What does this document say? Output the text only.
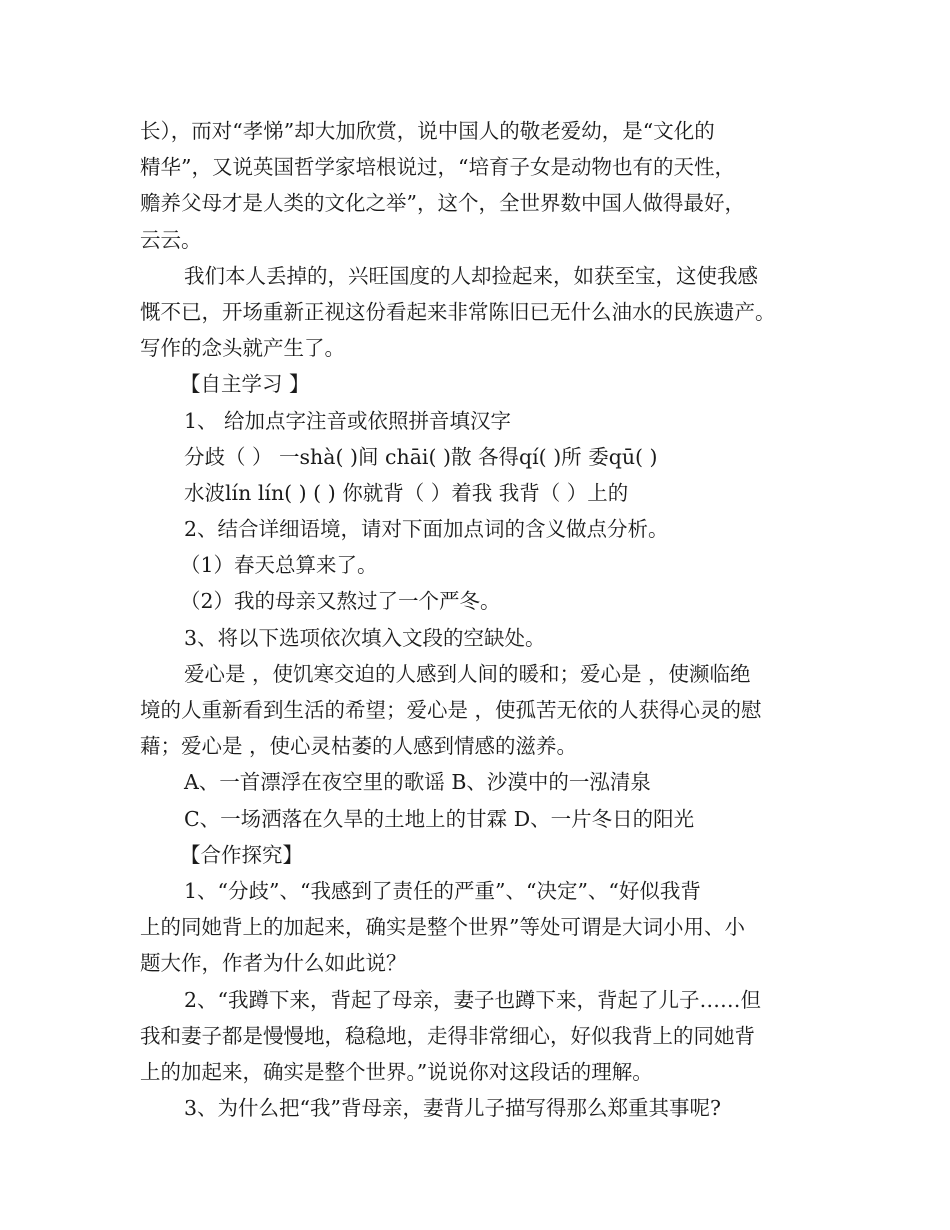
长），而对“孝悌”却大加欣赏，说中国人的敬老爱幼，是“文化的

精华”，又说英国哲学家培根说过，“培育子女是动物也有的天性，

赡养父母才是人类的文化之举”，这个，全世界数中国人做得最好，

云云。

我们本人丢掉的，兴旺国度的人却捡起来，如获至宝，这使我感

慨不已，开场重新正视这份看起来非常陈旧已无什么油水的民族遗产。

写作的念头就产生了。

【自主学习 】

1、 给加点字注音或依照拼音填汉字

分歧（ ） 一shà( )间 chāi( )散 各得qí( )所 委qū( )

水波lín lín( ) ( ) 你就背（ ）着我 我背（ ）上的

2、结合详细语境，请对下面加点词的含义做点分析。

（1）春天总算来了。

（2）我的母亲又熬过了一个严冬。

3、将以下选项依次填入文段的空缺处。

爱心是 ，使饥寒交迫的人感到人间的暖和；爱心是 ，使濒临绝

境的人重新看到生活的希望；爱心是 ，使孤苦无依的人获得心灵的慰

藉；爱心是 ，使心灵枯萎的人感到情感的滋养。

A、一首漂浮在夜空里的歌谣 B、沙漠中的一泓清泉

C、一场洒落在久旱的土地上的甘霖 D、一片冬日的阳光

【合作探究】

1、“分歧”、“我感到了责任的严重”、“决定”、“好似我背

上的同她背上的加起来，确实是整个世界”等处可谓是大词小用、小

题大作，作者为什么如此说？

2、“我蹲下来，背起了母亲，妻子也蹲下来，背起了儿子……但

我和妻子都是慢慢地，稳稳地，走得非常细心，好似我背上的同她背

上的加起来，确实是整个世界。”说说你对这段话的理解。

3、为什么把“我”背母亲，妻背儿子描写得那么郑重其事呢?
